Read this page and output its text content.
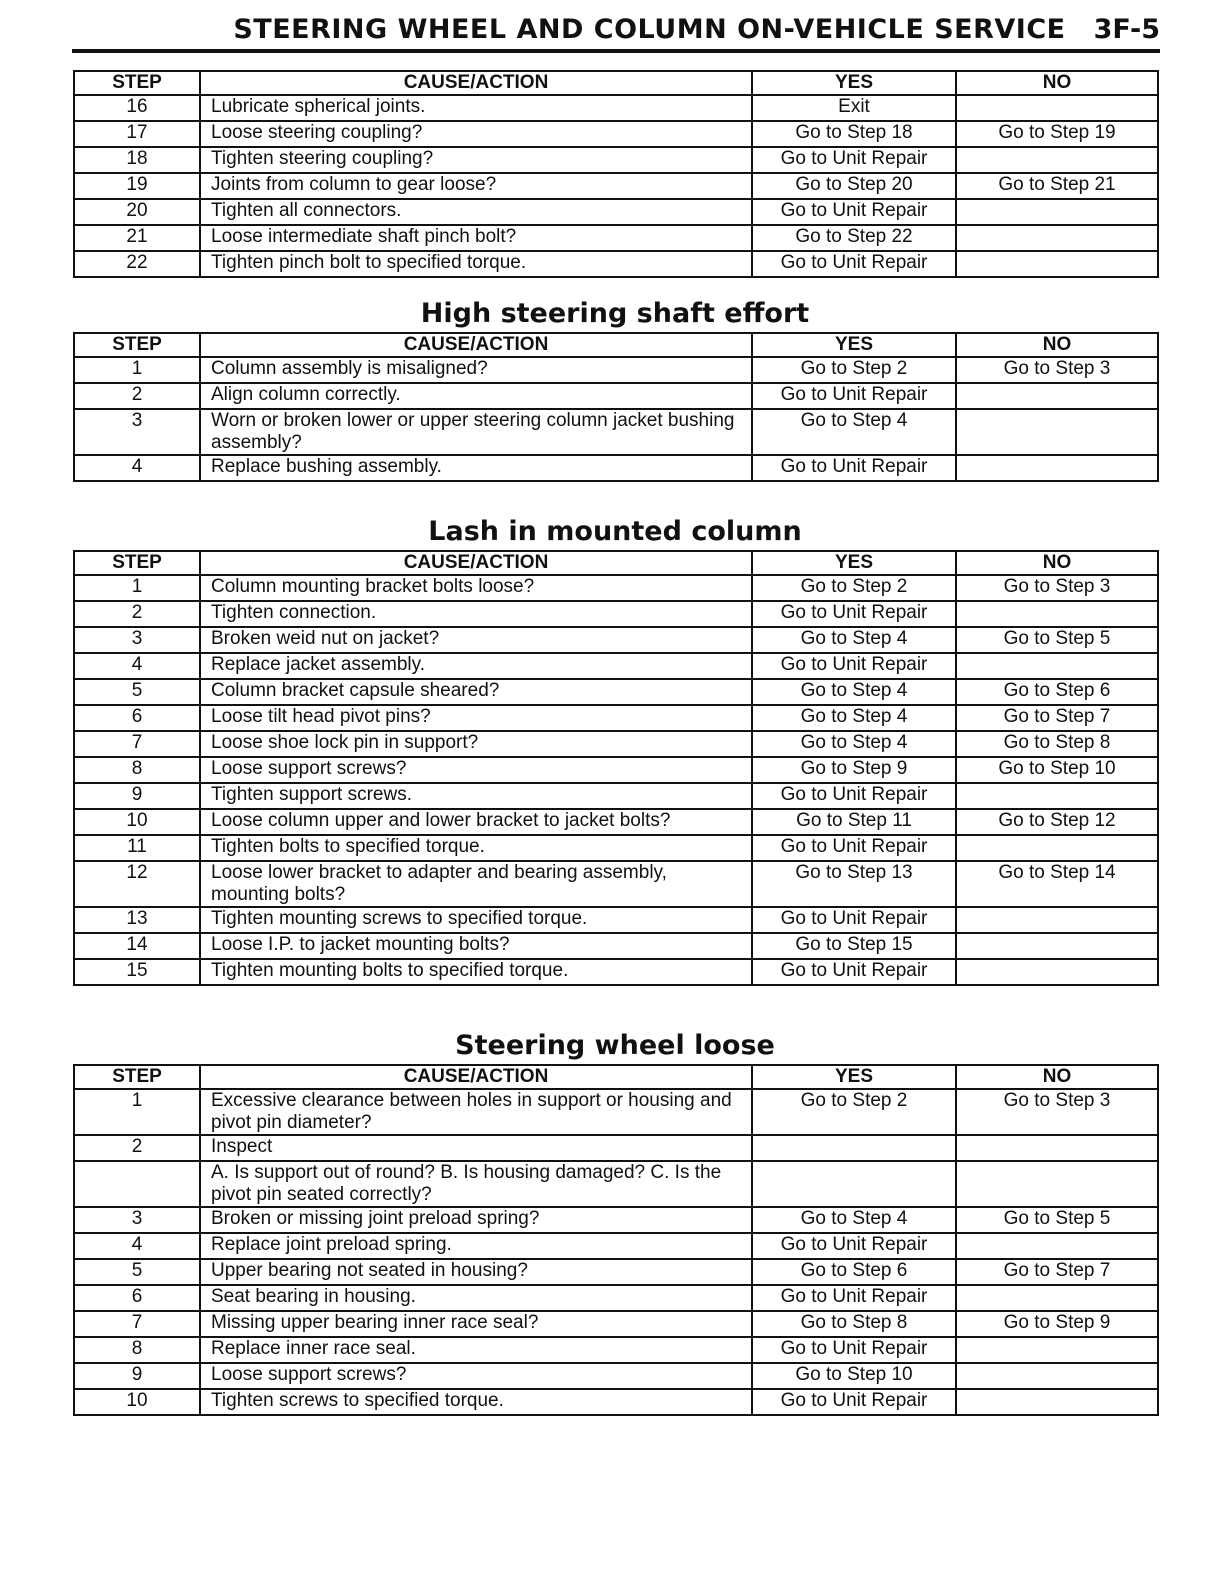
STEERING WHEEL AND COLUMN ON-VEHICLE SERVICE 3F-5
STEP	CAUSE/ACTION	YES	NO
16	Lubricate spherical joints.	Exit	
17	Loose steering coupling?	Go to Step 18	Go to Step 19
18	Tighten steering coupling?	Go to Unit Repair	
19	Joints from column to gear loose?	Go to Step 20	Go to Step 21
20	Tighten all connectors.	Go to Unit Repair	
21	Loose intermediate shaft pinch bolt?	Go to Step 22	
22	Tighten pinch bolt to specified torque.	Go to Unit Repair	
High steering shaft effort
STEP	CAUSE/ACTION	YES	NO
1	Column assembly is misaligned?	Go to Step 2	Go to Step 3
2	Align column correctly.	Go to Unit Repair	
3	Worn or broken lower or upper steering column jacket bushing assembly?	Go to Step 4	
4	Replace bushing assembly.	Go to Unit Repair	
Lash in mounted column
STEP	CAUSE/ACTION	YES	NO
1	Column mounting bracket bolts loose?	Go to Step 2	Go to Step 3
2	Tighten connection.	Go to Unit Repair	
3	Broken weid nut on jacket?	Go to Step 4	Go to Step 5
4	Replace jacket assembly.	Go to Unit Repair	
5	Column bracket capsule sheared?	Go to Step 4	Go to Step 6
6	Loose tilt head pivot pins?	Go to Step 4	Go to Step 7
7	Loose shoe lock pin in support?	Go to Step 4	Go to Step 8
8	Loose support screws?	Go to Step 9	Go to Step 10
9	Tighten support screws.	Go to Unit Repair	
10	Loose column upper and lower bracket to jacket bolts?	Go to Step 11	Go to Step 12
11	Tighten bolts to specified torque.	Go to Unit Repair	
12	Loose lower bracket to adapter and bearing assembly, mounting bolts?	Go to Step 13	Go to Step 14
13	Tighten mounting screws to specified torque.	Go to Unit Repair	
14	Loose I.P. to jacket mounting bolts?	Go to Step 15	
15	Tighten mounting bolts to specified torque.	Go to Unit Repair	
Steering wheel loose
STEP	CAUSE/ACTION	YES	NO
1	Excessive clearance between holes in support or housing and pivot pin diameter?	Go to Step 2	Go to Step 3
2	Inspect		
	A. Is support out of round? B. Is housing damaged? C. Is the pivot pin seated correctly?		
3	Broken or missing joint preload spring?	Go to Step 4	Go to Step 5
4	Replace joint preload spring.	Go to Unit Repair	
5	Upper bearing not seated in housing?	Go to Step 6	Go to Step 7
6	Seat bearing in housing.	Go to Unit Repair	
7	Missing upper bearing inner race seal?	Go to Step 8	Go to Step 9
8	Replace inner race seal.	Go to Unit Repair	
9	Loose support screws?	Go to Step 10	
10	Tighten screws to specified torque.	Go to Unit Repair	
